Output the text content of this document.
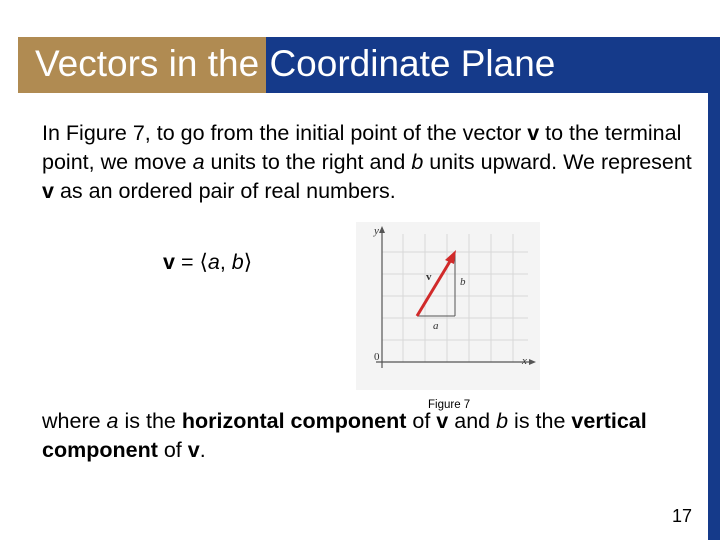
Vectors in the Coordinate Plane
In Figure 7, to go from the initial point of the vector v to the terminal point, we move a units to the right and b units upward. We represent v as an ordered pair of real numbers.
v = ⟨a, b⟩
y
x
0
v
a
b
Figure 7
where a is the horizontal component of v and b is the vertical component of v.
17
